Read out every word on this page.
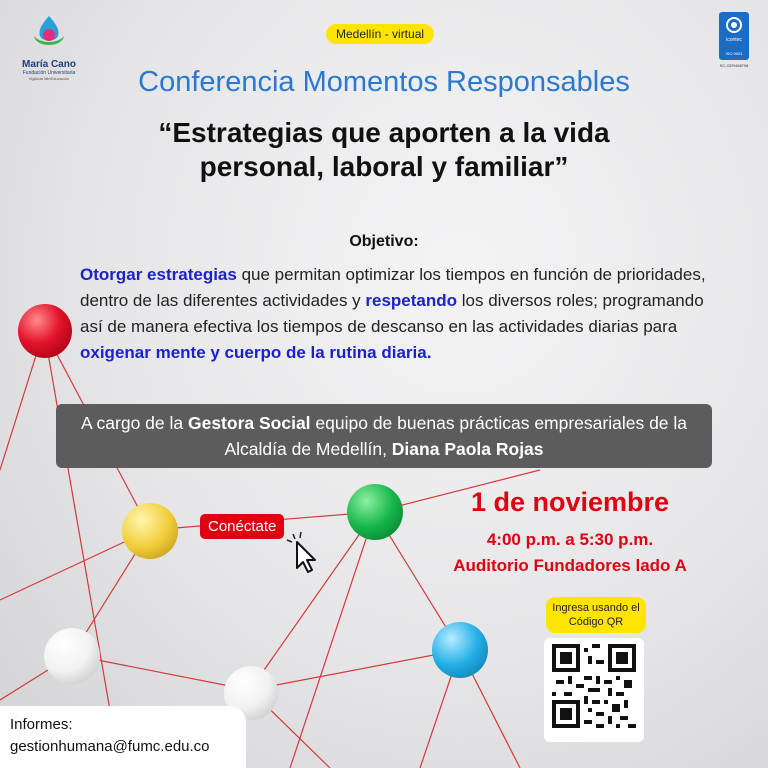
María Cano
Fundación Universitaria
Vigilada MinEducación
icontec
ISO 9001
SC-CER458798
Medellín - virtual
Conferencia Momentos Responsables
“Estrategias que aporten a la vida personal, laboral y familiar”
Objetivo:
Otorgar estrategias que permitan optimizar los tiempos en función de prioridades, dentro de las diferentes actividades y respetando los diversos roles; programando así de manera efectiva los tiempos de descanso en las actividades diarias para oxigenar mente y cuerpo de la rutina diaria.
A cargo de la Gestora Social equipo de buenas prácticas empresariales de la Alcaldía de Medellín, Diana Paola Rojas
1 de noviembre
4:00 p.m. a 5:30 p.m.
Auditorio Fundadores lado A
Conéctate
Ingresa usando el Código QR
Informes:
gestionhumana@fumc.edu.co
